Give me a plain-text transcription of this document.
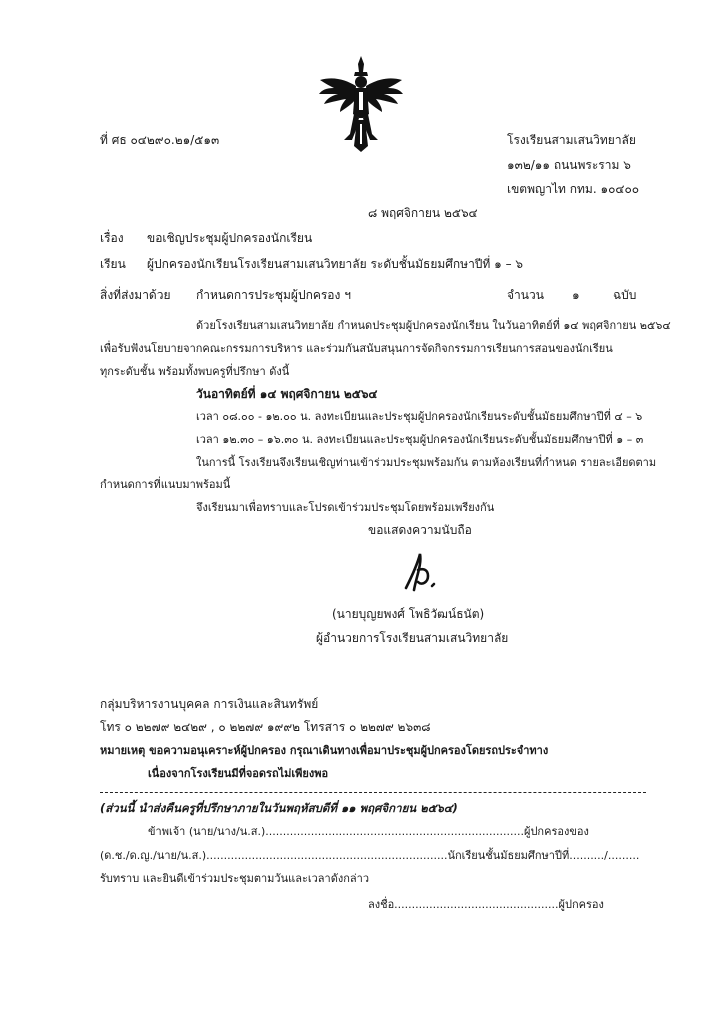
ที่ ศธ ๐๔๒๙๐.๒๑/๕๑๓	โรงเรียนสามเสนวิทยาลัย
๑๓๒/๑๑ ถนนพระราม ๖
เขตพญาไท กทม. ๑๐๔๐๐
๘ พฤศจิกายน ๒๕๖๔
เรื่อง ขอเชิญประชุมผู้ปกครองนักเรียน
เรียน ผู้ปกครองนักเรียนโรงเรียนสามเสนวิทยาลัย ระดับชั้นมัธยมศึกษาปีที่ ๑ – ๖
สิ่งที่ส่งมาด้วย กำหนดการประชุมผู้ปกครอง ฯ	จำนวน ๑	ฉบับ
ด้วยโรงเรียนสามเสนวิทยาลัย กำหนดประชุมผู้ปกครองนักเรียน ในวันอาทิตย์ที่ ๑๔ พฤศจิกายน ๒๕๖๔
เพื่อรับฟังนโยบายจากคณะกรรมการบริหาร และร่วมกันสนับสนุนการจัดกิจกรรมการเรียนการสอนของนักเรียน
ทุกระดับชั้น พร้อมทั้งพบครูที่ปรึกษา ดังนี้
วันอาทิตย์ที่ ๑๔ พฤศจิกายน ๒๕๖๔
เวลา ๐๘.๐๐ - ๑๒.๐๐ น. ลงทะเบียนและประชุมผู้ปกครองนักเรียนระดับชั้นมัธยมศึกษาปีที่ ๔ – ๖
เวลา ๑๒.๓๐ – ๑๖.๓๐ น. ลงทะเบียนและประชุมผู้ปกครองนักเรียนระดับชั้นมัธยมศึกษาปีที่ ๑ – ๓
ในการนี้ โรงเรียนจึงเรียนเชิญท่านเข้าร่วมประชุมพร้อมกัน ตามห้องเรียนที่กำหนด รายละเอียดตาม
กำหนดการที่แนบมาพร้อมนี้
จึงเรียนมาเพื่อทราบและโปรดเข้าร่วมประชุมโดยพร้อมเพรียงกัน
ขอแสดงความนับถือ
(นายบุญยพงศ์ โพธิวัฒน์ธนัต)
ผู้อำนวยการโรงเรียนสามเสนวิทยาลัย
กลุ่มบริหารงานบุคคล การเงินและสินทรัพย์
โทร ๐ ๒๒๗๙ ๒๔๒๙ , ๐ ๒๒๗๙ ๑๙๙๒ โทรสาร ๐ ๒๒๗๙ ๒๖๓๘
หมายเหตุ ขอความอนุเคราะห์ผู้ปกครอง กรุณาเดินทางเพื่อมาประชุมผู้ปกครองโดยรถประจำทาง
เนื่องจากโรงเรียนมีที่จอดรถไม่เพียงพอ
(ส่วนนี้ นำส่งคืนครูที่ปรึกษาภายในวันพฤหัสบดีที่ ๑๑ พฤศจิกายน ๒๕๖๔)
ข้าพเจ้า (นาย/นาง/น.ส.)..........................................................................ผู้ปกครองของ
(ด.ช./ด.ญ./นาย/น.ส.).....................................................................นักเรียนชั้นมัธยมศึกษาปีที่........../.........
รับทราบ และยินดีเข้าร่วมประชุมตามวันและเวลาดังกล่าว
ลงชื่อ...............................................ผู้ปกครอง
